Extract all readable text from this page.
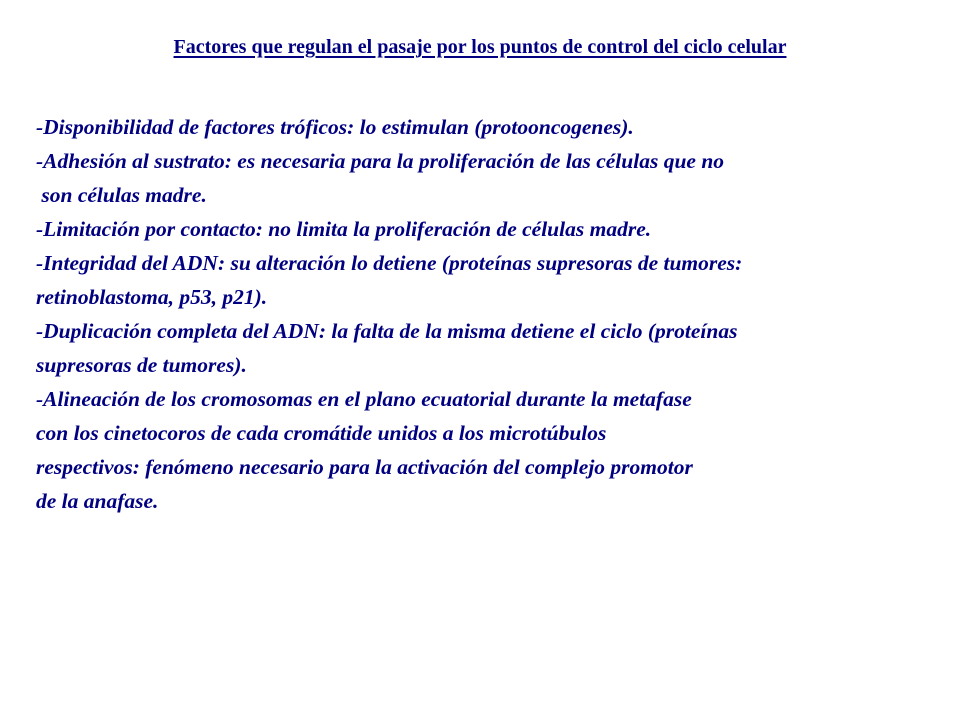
Factores que regulan el pasaje por los puntos de control del ciclo celular
-Disponibilidad de factores tróficos: lo estimulan (protooncogenes).
-Adhesión al sustrato: es necesaria para la proliferación de las células que no
son células madre.
-Limitación por contacto: no limita la proliferación de células madre.
-Integridad del ADN: su alteración lo detiene (proteínas supresoras de tumores:
retinoblastoma, p53, p21).
-Duplicación completa del ADN: la falta de la misma detiene el ciclo (proteínas
supresoras de tumores).
-Alineación de los cromosomas en el plano ecuatorial durante la metafase
con los cinetocoros de cada cromátide unidos a los microtúbulos
respectivos: fenómeno necesario para la activación del complejo promotor
de la anafase.
